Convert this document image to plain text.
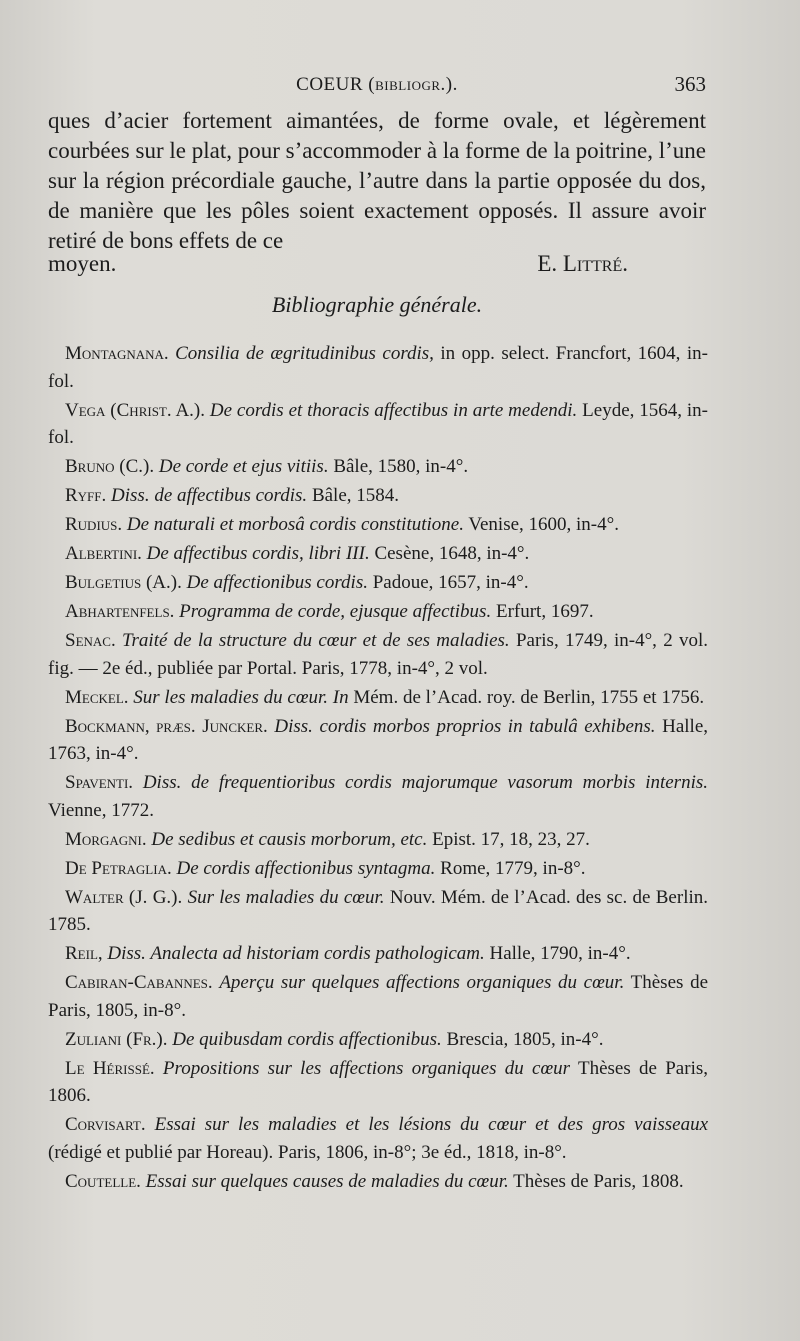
COEUR (bibliogr.).	363

ques d’acier fortement aimantées, de forme ovale, et légèrement courbées sur le plat, pour s’accommoder à la forme de la poitrine, l’une sur la région précordiale gauche, l’autre dans la partie opposée du dos, de manière que les pôles soient exactement opposés. Il assure avoir retiré de bons effets de ce

moyen.	E. Littré.
Bibliographie générale.

Montagnana. Consilia de ægritudinibus cordis, in opp. select. Francfort, 1604, in-fol.

Vega (Christ. A.). De cordis et thoracis affectibus in arte medendi. Leyde, 1564, in-fol.

Bruno (C.). De corde et ejus vitiis. Bâle, 1580, in-4°.

Ryff. Diss. de affectibus cordis. Bâle, 1584.

Rudius. De naturali et morbosâ cordis constitutione. Venise, 1600, in-4°.

Albertini. De affectibus cordis, libri III. Cesène, 1648, in-4°.

Bulgetius (A.). De affectionibus cordis. Padoue, 1657, in-4°.

Abhartenfels. Programma de corde, ejusque affectibus. Erfurt, 1697.

Senac. Traité de la structure du cœur et de ses maladies. Paris, 1749, in-4°, 2 vol. fig. — 2e éd., publiée par Portal. Paris, 1778, in-4°, 2 vol.

Meckel. Sur les maladies du cœur. In Mém. de l’Acad. roy. de Berlin, 1755 et 1756.

Bockmann, præs. Juncker. Diss. cordis morbos proprios in tabulâ exhibens. Halle, 1763, in-4°.

Spaventi. Diss. de frequentioribus cordis majorumque vasorum morbis internis. Vienne, 1772.

Morgagni. De sedibus et causis morborum, etc. Epist. 17, 18, 23, 27.

De Petraglia. De cordis affectionibus syntagma. Rome, 1779, in-8°.

Walter (J. G.). Sur les maladies du cœur. Nouv. Mém. de l’Acad. des sc. de Berlin. 1785.

Reil, Diss. Analecta ad historiam cordis pathologicam. Halle, 1790, in-4°.

Cabiran-Cabannes. Aperçu sur quelques affections organiques du cœur. Thèses de Paris, 1805, in-8°.

Zuliani (Fr.). De quibusdam cordis affectionibus. Brescia, 1805, in-4°.

Le Hérissé. Propositions sur les affections organiques du cœur Thèses de Paris, 1806.

Corvisart. Essai sur les maladies et les lésions du cœur et des gros vaisseaux (rédigé et publié par Horeau). Paris, 1806, in-8°; 3e éd., 1818, in-8°.

Coutelle. Essai sur quelques causes de maladies du cœur. Thèses de Paris, 1808.
